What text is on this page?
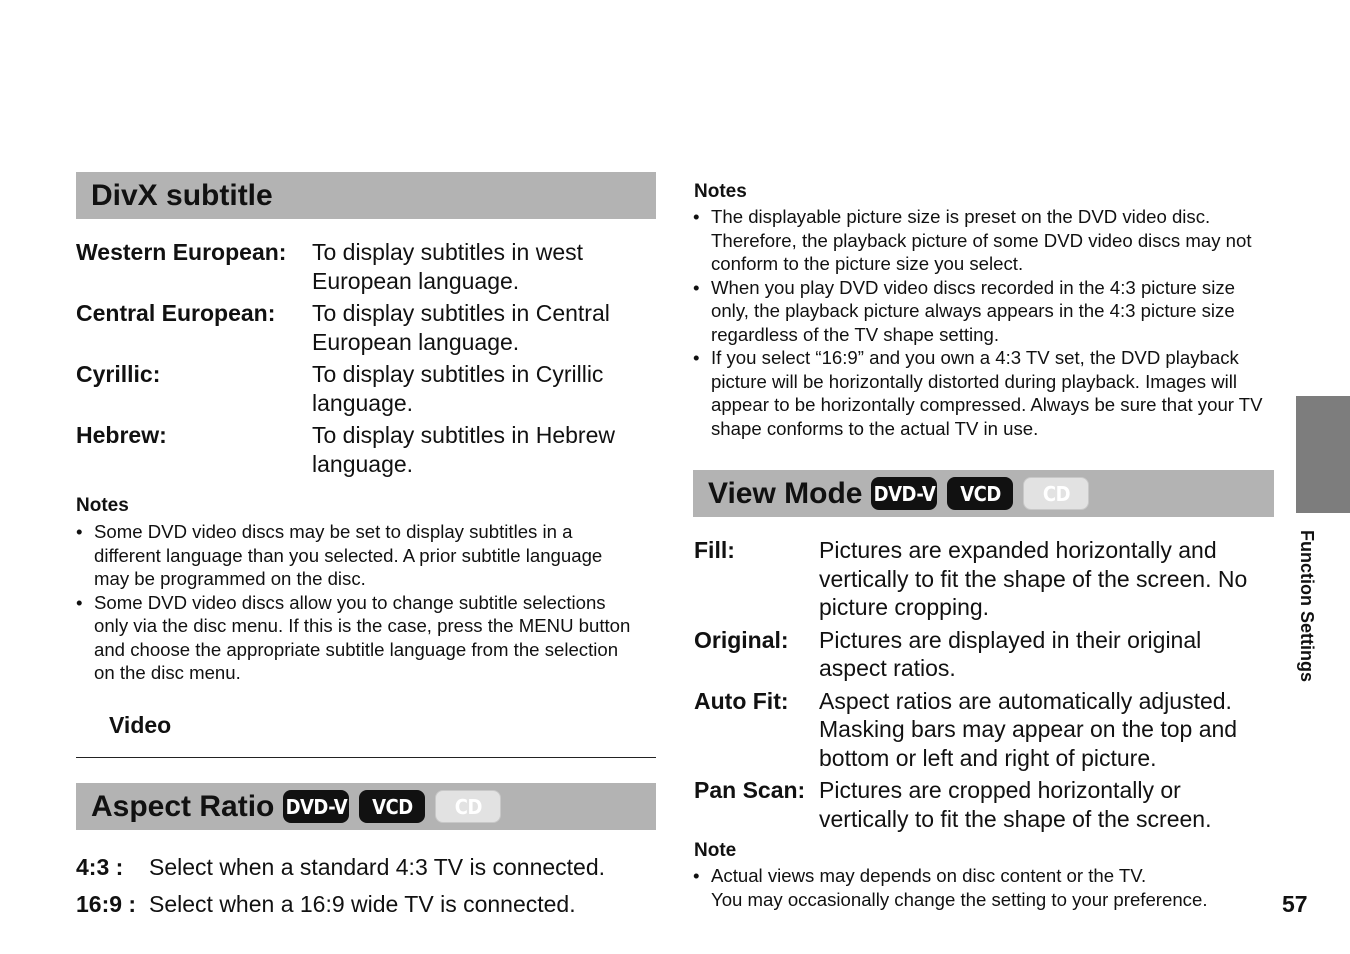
DivX subtitle
Western European:	To display subtitles in west European language.
Central European:	To display subtitles in Central European language.
Cyrillic:	To display subtitles in Cyrillic language.
Hebrew:	To display subtitles in Hebrew language.
Notes
• Some DVD video discs may be set to display subtitles in a different language than you selected. A prior subtitle language may be programmed on the disc.
• Some DVD video discs allow you to change subtitle selections only via the disc menu. If this is the case, press the MENU button and choose the appropriate subtitle language from the selection on the disc menu.
Video
Aspect Ratio DVD-V	VCD	CD
4:3 :	Select when a standard 4:3 TV is connected.
16:9 : Select when a 16:9 wide TV is connected.
Notes
• The displayable picture size is preset on the DVD video disc. Therefore, the playback picture of some DVD video discs may not conform to the picture size you select.
• When you play DVD video discs recorded in the 4:3 picture size only, the playback picture always appears in the 4:3 picture size regardless of the TV shape setting.
• If you select “16:9” and you own a 4:3 TV set, the DVD playback picture will be horizontally distorted during playback. Images will appear to be horizontally compressed. Always be sure that your TV shape conforms to the actual TV in use.
View Mode DVD-V	VCD	CD
Fill:	Pictures are expanded horizontally and vertically to fit the shape of the screen. No picture cropping.
Original:	Pictures are displayed in their original aspect ratios.
Auto Fit:	Aspect ratios are automatically adjusted. Masking bars may appear on the top and bottom or left and right of picture.
Pan Scan: Pictures are cropped horizontally or vertically to fit the shape of the screen.
Note
• Actual views may depends on disc content or the TV.
You may occasionally change the setting to your preference.
Function Settings
57
